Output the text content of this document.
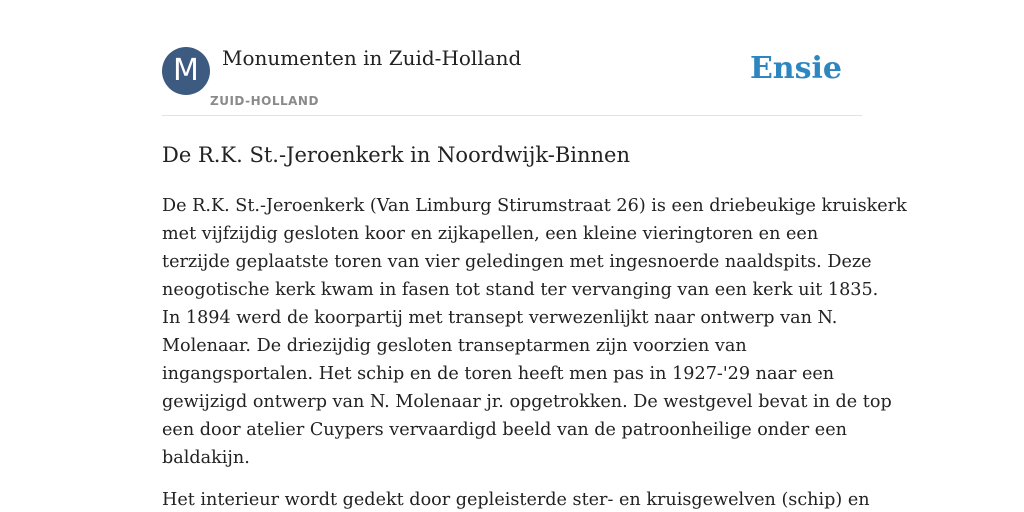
M	Monumenten in Zuid-Holland
ZUID-HOLLAND
Ensie
De R.K. St.-Jeroenkerk in Noordwijk-Binnen

De R.K. St.-Jeroenkerk (Van Limburg Stirumstraat 26) is een driebeukige kruiskerk
met vijfzijdig gesloten koor en zijkapellen, een kleine vieringtoren en een
terzijde geplaatste toren van vier geledingen met ingesnoerde naaldspits. Deze
neogotische kerk kwam in fasen tot stand ter vervanging van een kerk uit 1835.
In 1894 werd de koorpartij met transept verwezenlijkt naar ontwerp van N.
Molenaar. De driezijdig gesloten transeptarmen zijn voorzien van
ingangsportalen. Het schip en de toren heeft men pas in 1927-'29 naar een
gewijzigd ontwerp van N. Molenaar jr. opgetrokken. De westgevel bevat in de top
een door atelier Cuypers vervaardigd beeld van de patroonheilige onder een
baldakijn.

Het interieur wordt gedekt door gepleisterde ster- en kruisgewelven (schip) en
